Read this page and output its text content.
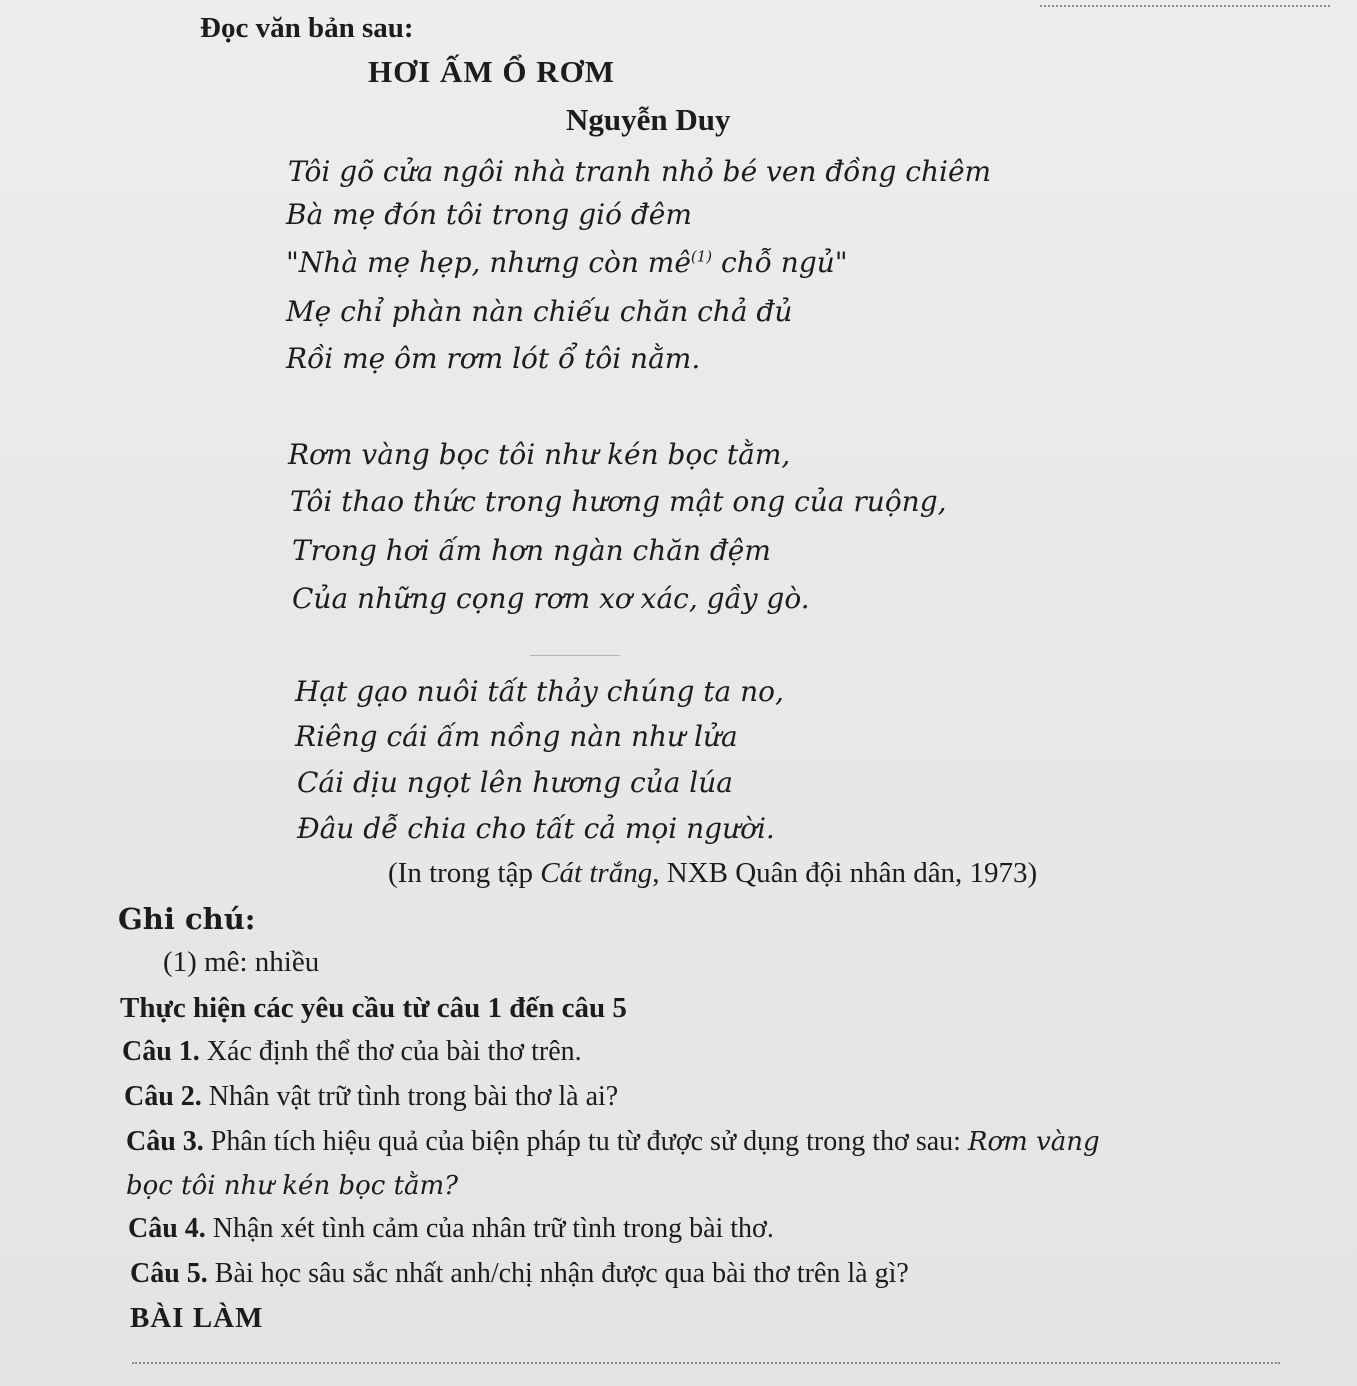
Đọc văn bản sau:
HƠI ẤM Ổ RƠM
Nguyễn Duy
Tôi gõ cửa ngôi nhà tranh nhỏ bé ven đồng chiêm
Bà mẹ đón tôi trong gió đêm
"Nhà mẹ hẹp, nhưng còn $mê^{(1)}$ chỗ ngủ"
Mẹ chỉ phàn nàn chiếu chăn chả đủ
Rồi mẹ ôm rơm lót ổ tôi nằm.
Rơm vàng bọc tôi như kén bọc tằm,
Tôi thao thức trong hương mật ong của ruộng,
Trong hơi ấm hơn ngàn chăn đệm
Của những cọng rơm xơ xác, gầy gò.
Hạt gạo nuôi tất thảy chúng ta no,
Riêng cái ấm nồng nàn như lửa
Cái dịu ngọt lên hương của lúa
Đâu dễ chia cho tất cả mọi người.
(In trong tập Cát trắng, NXB Quân đội nhân dân, 1973)
Ghi chú:
(1) mê: nhiều
Thực hiện các yêu cầu từ câu 1 đến câu 5
Câu 1. Xác định thể thơ của bài thơ trên.
Câu 2. Nhân vật trữ tình trong bài thơ là ai?
Câu 3. Phân tích hiệu quả của biện pháp tu từ được sử dụng trong thơ sau: Rơm vàng
bọc tôi như kén bọc tằm?
Câu 4. Nhận xét tình cảm của nhân trữ tình trong bài thơ.
Câu 5. Bài học sâu sắc nhất anh/chị nhận được qua bài thơ trên là gì?
BÀI LÀM
